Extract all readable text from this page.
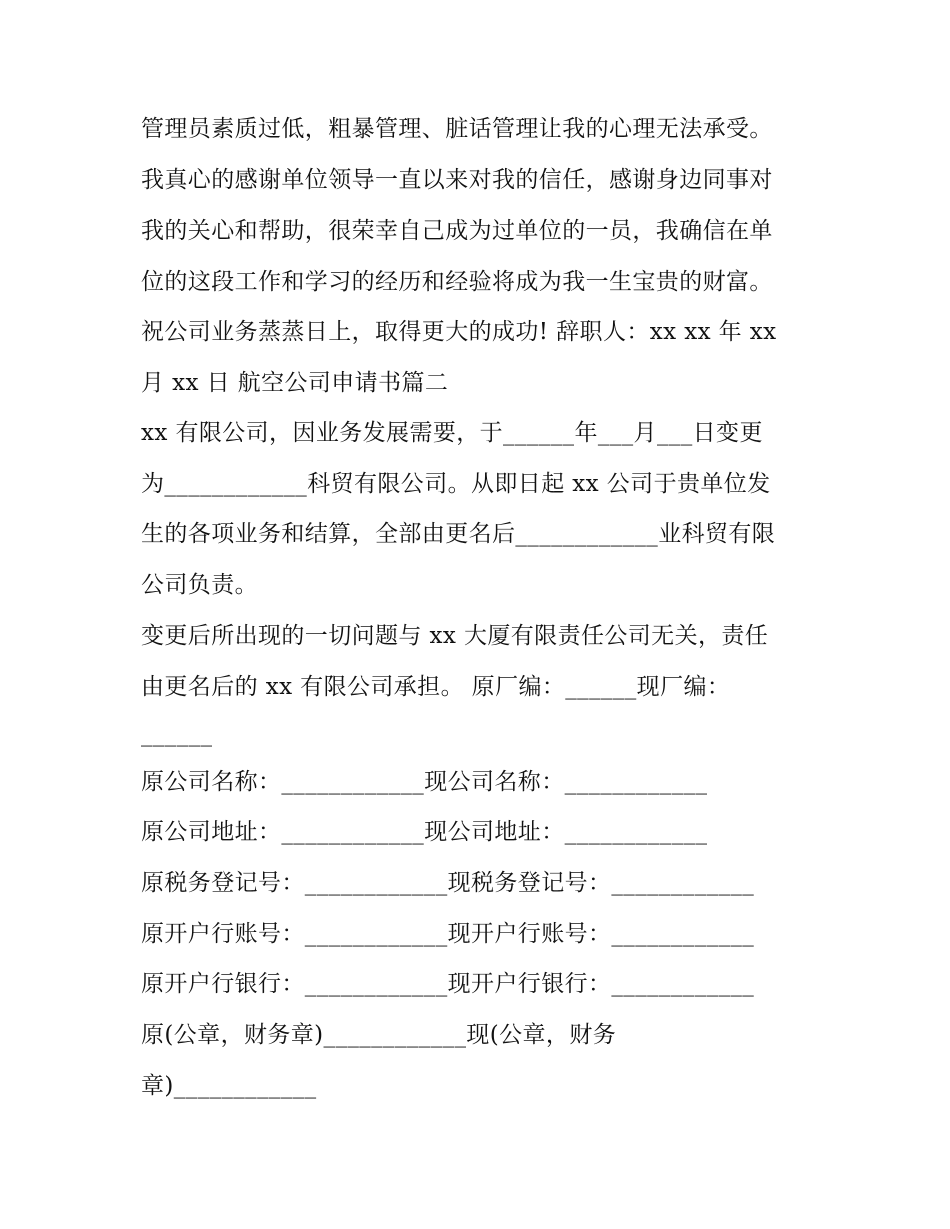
管理员素质过低，粗暴管理、脏话管理让我的心理无法承受。
我真心的感谢单位领导一直以来对我的信任，感谢身边同事对
我的关心和帮助，很荣幸自己成为过单位的一员，我确信在单
位的这段工作和学习的经历和经验将成为我一生宝贵的财富。
祝公司业务蒸蒸日上，取得更大的成功! 辞职人：xx xx 年 xx
月 xx 日 航空公司申请书篇二
xx 有限公司，因业务发展需要，于______年___月___日变更
为____________科贸有限公司。从即日起 xx 公司于贵单位发
生的各项业务和结算，全部由更名后____________业科贸有限
公司负责。
变更后所出现的一切问题与 xx 大厦有限责任公司无关，责任
由更名后的 xx 有限公司承担。 原厂编：______现厂编：
______
原公司名称：____________现公司名称：____________
原公司地址：____________现公司地址：____________
原税务登记号：____________现税务登记号：____________
原开户行账号：____________现开户行账号：____________
原开户行银行：____________现开户行银行：____________
原(公章，财务章)____________现(公章，财务
章)____________
